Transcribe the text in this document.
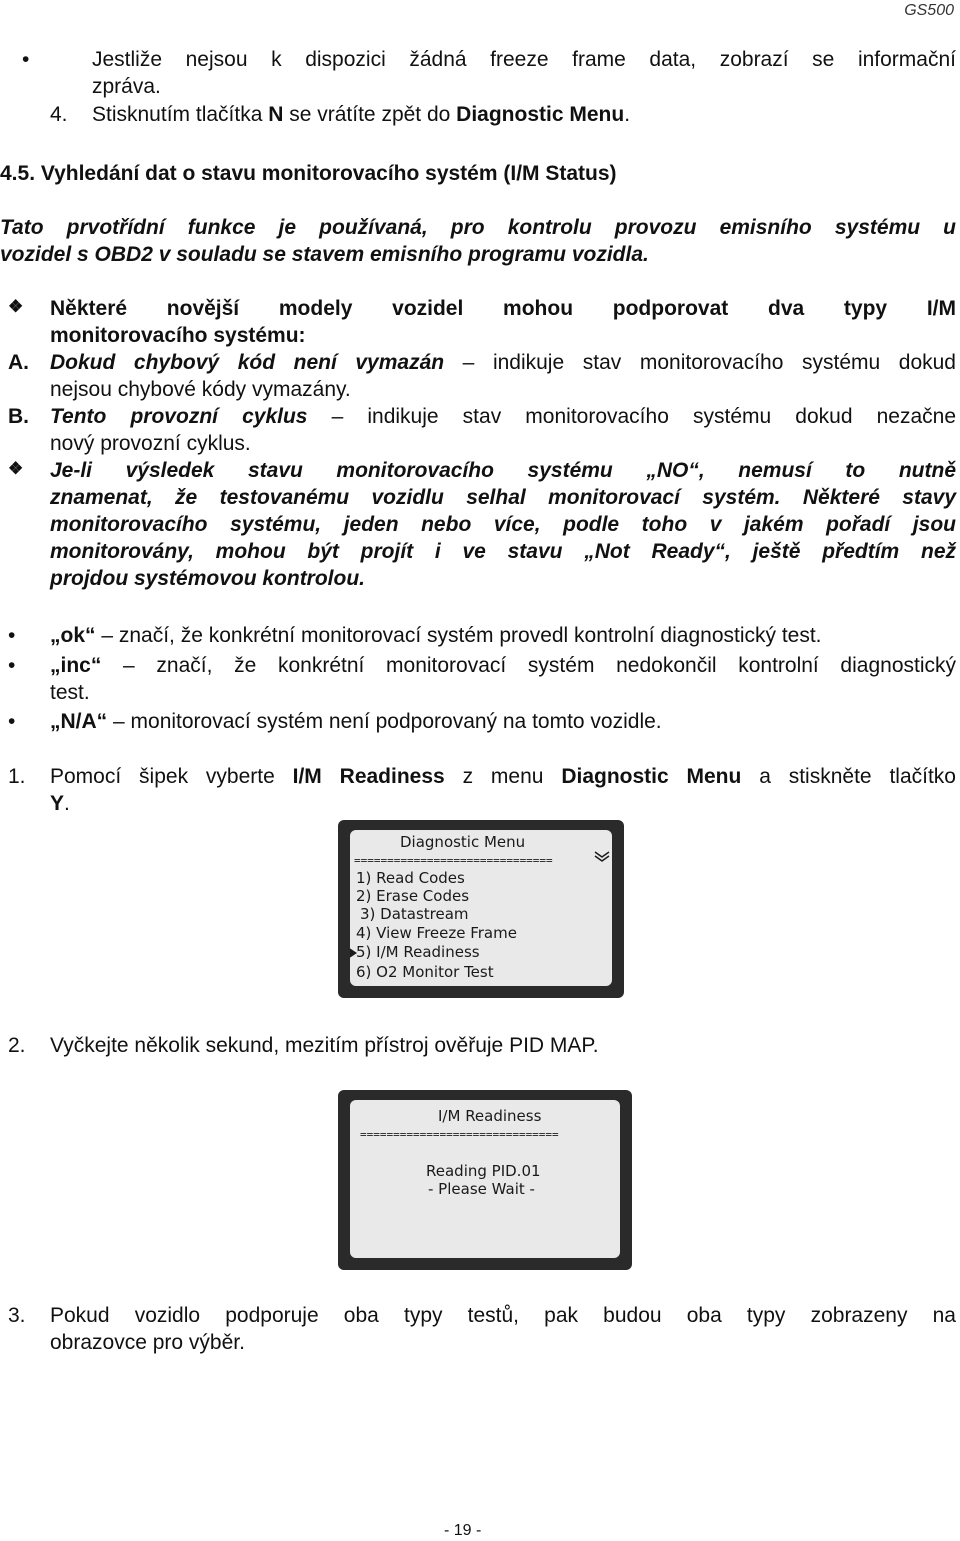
GS500
•	Jestliže nejsou k dispozici žádná freeze frame data, zobrazí se informační
zpráva.
4. Stisknutím tlačítka N se vrátíte zpět do Diagnostic Menu.
4.5. Vyhledání dat o stavu monitorovacího systém (I/M Status)
Tato prvotřídní funkce je používaná, pro kontrolu provozu emisního systému u
vozidel s OBD2 v souladu se stavem emisního programu vozidla.
❖ Některé novější modely vozidel mohou podporovat dva typy I/M
monitorovacího systému:
A. Dokud chybový kód není vymazán – indikuje stav monitorovacího systému dokud
nejsou chybové kódy vymazány.
B. Tento provozní cyklus – indikuje stav monitorovacího systému dokud nezačne
nový provozní cyklus.
❖ Je-li výsledek stavu monitorovacího systému „NO“, nemusí to nutně
znamenat, že testovanému vozidlu selhal monitorovací systém. Některé stavy
monitorovacího systému, jeden nebo více, podle toho v jakém pořadí jsou
monitorovány, mohou být projít i ve stavu „Not Ready“, ještě předtím než
projdou systémovou kontrolou.
• „ok“ – značí, že konkrétní monitorovací systém provedl kontrolní diagnostický test.
• „inc“ – značí, že konkrétní monitorovací systém nedokončil kontrolní diagnostický
test.
• „N/A“ – monitorovací systém není podporovaný na tomto vozidle.
1. Pomocí šipek vyberte I/M Readiness z menu Diagnostic Menu a stiskněte tlačítko
Y.
Diagnostic Menu
==============================
1) Read Codes
2) Erase Codes
3) Datastream
4) View Freeze Frame
5) I/M Readiness
6) O2 Monitor Test
2. Vyčkejte několik sekund, mezitím přístroj ověřuje PID MAP.
I/M Readiness
==============================
Reading PID.01
- Please Wait -
3. Pokud vozidlo podporuje oba typy testů, pak budou oba typy zobrazeny na
obrazovce pro výběr.
- 19 -
